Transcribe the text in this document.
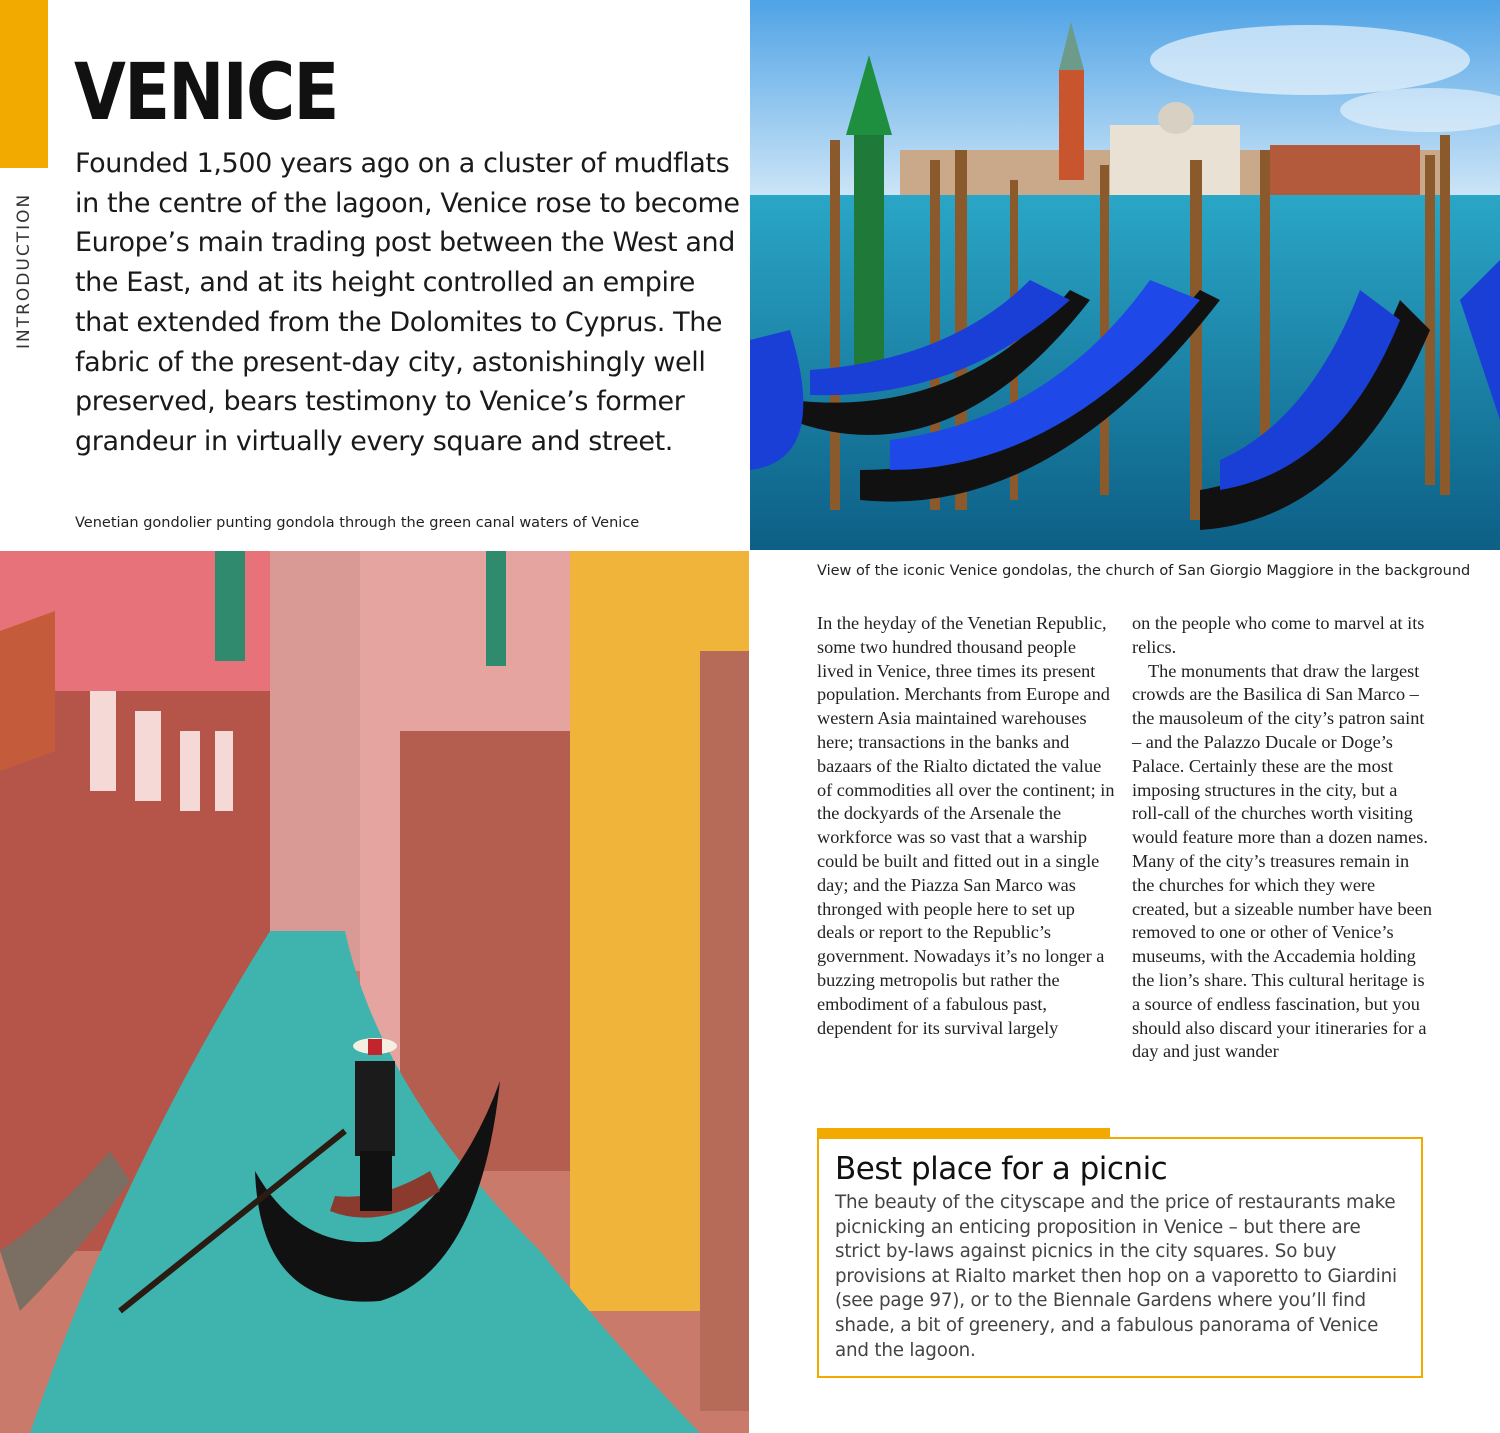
INTRODUCTION
VENICE

Founded 1,500 years ago on a cluster of mudflats in the centre of the lagoon, Venice rose to become Europe’s main trading post between the West and the East, and at its height controlled an empire that extended from the Dolomites to Cyprus. The fabric of the present-day city, astonishingly well preserved, bears testimony to Venice’s former grandeur in virtually every square and street.

Venetian gondolier punting gondola through the green canal waters of Venice
View of the iconic Venice gondolas, the church of San Giorgio Maggiore in the background

In the heyday of the Venetian Republic, some two hundred thousand people lived in Venice, three times its present population. Merchants from Europe and western Asia maintained warehouses here; transactions in the banks and bazaars of the Rialto dictated the value of commodities all over the continent; in the dockyards of the Arsenale the workforce was so vast that a warship could be built and fitted out in a single day; and the Piazza San Marco was thronged with people here to set up deals or report to the Republic’s government. Nowadays it’s no longer a buzzing metropolis but rather the embodiment of a fabulous past, dependent for its survival largely

on the people who come to marvel at its relics.

The monuments that draw the largest crowds are the Basilica di San Marco – the mausoleum of the city’s patron saint – and the Palazzo Ducale or Doge’s Palace. Certainly these are the most imposing structures in the city, but a roll-call of the churches worth visiting would feature more than a dozen names. Many of the city’s treasures remain in the churches for which they were created, but a sizeable number have been removed to one or other of Venice’s museums, with the Accademia holding the lion’s share. This cultural heritage is a source of endless fascination, but you should also discard your itineraries for a day and just wander

Best place for a picnic

The beauty of the cityscape and the price of restaurants make picnicking an enticing proposition in Venice – but there are strict by-laws against picnics in the city squares. So buy provisions at Rialto market then hop on a vaporetto to Giardini (see page 97), or to the Biennale Gardens where you’ll find shade, a bit of greenery, and a fabulous panorama of Venice and the lagoon.
